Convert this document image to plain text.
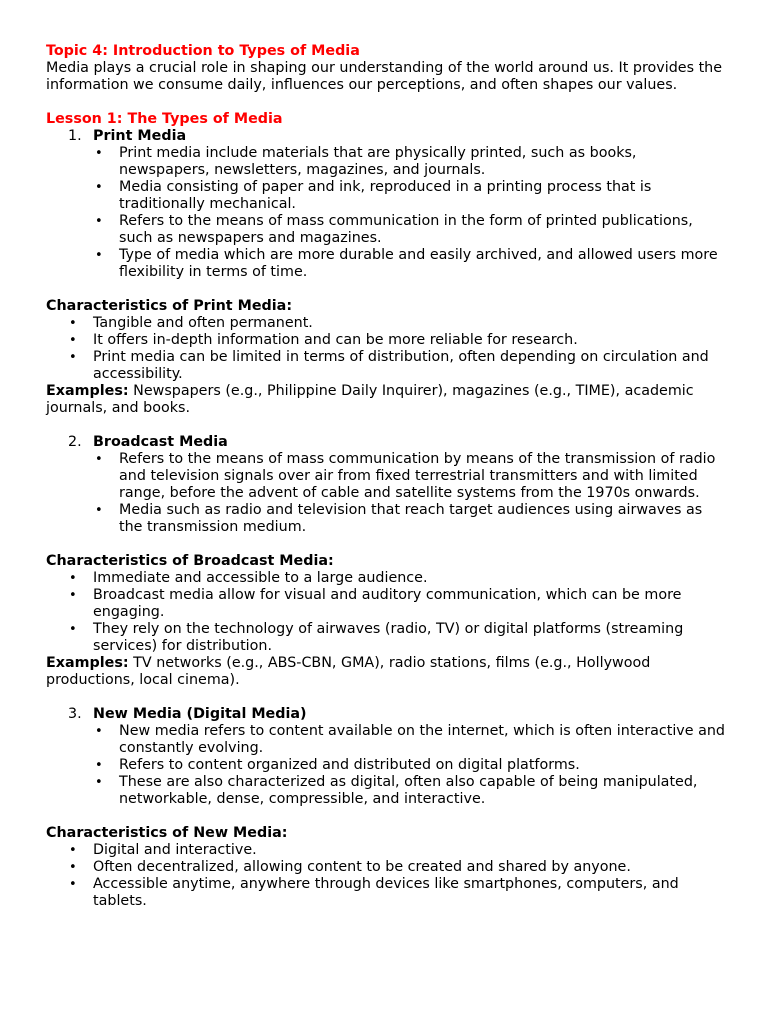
Topic 4: Introduction to Types of Media

Media plays a crucial role in shaping our understanding of the world around us. It provides the information we consume daily, influences our perceptions, and often shapes our values.

Lesson 1: The Types of Media

1. Print Media
• Print media include materials that are physically printed, such as books, newspapers, newsletters, magazines, and journals.
• Media consisting of paper and ink, reproduced in a printing process that is traditionally mechanical.
• Refers to the means of mass communication in the form of printed publications, such as newspapers and magazines.
• Type of media which are more durable and easily archived, and allowed users more flexibility in terms of time.

Characteristics of Print Media:

• Tangible and often permanent.
• It offers in-depth information and can be more reliable for research.
• Print media can be limited in terms of distribution, often depending on circulation and accessibility.

Examples: Newspapers (e.g., Philippine Daily Inquirer), magazines (e.g., TIME), academic journals, and books.

2. Broadcast Media
• Refers to the means of mass communication by means of the transmission of radio and television signals over air from fixed terrestrial transmitters and with limited range, before the advent of cable and satellite systems from the 1970s onwards.
• Media such as radio and television that reach target audiences using airwaves as the transmission medium.

Characteristics of Broadcast Media:

• Immediate and accessible to a large audience.
• Broadcast media allow for visual and auditory communication, which can be more engaging.
• They rely on the technology of airwaves (radio, TV) or digital platforms (streaming services) for distribution.

Examples: TV networks (e.g., ABS-CBN, GMA), radio stations, films (e.g., Hollywood productions, local cinema).

3. New Media (Digital Media)
• New media refers to content available on the internet, which is often interactive and constantly evolving.
• Refers to content organized and distributed on digital platforms.
• These are also characterized as digital, often also capable of being manipulated, networkable, dense, compressible, and interactive.

Characteristics of New Media:

• Digital and interactive.
• Often decentralized, allowing content to be created and shared by anyone.
• Accessible anytime, anywhere through devices like smartphones, computers, and tablets.
